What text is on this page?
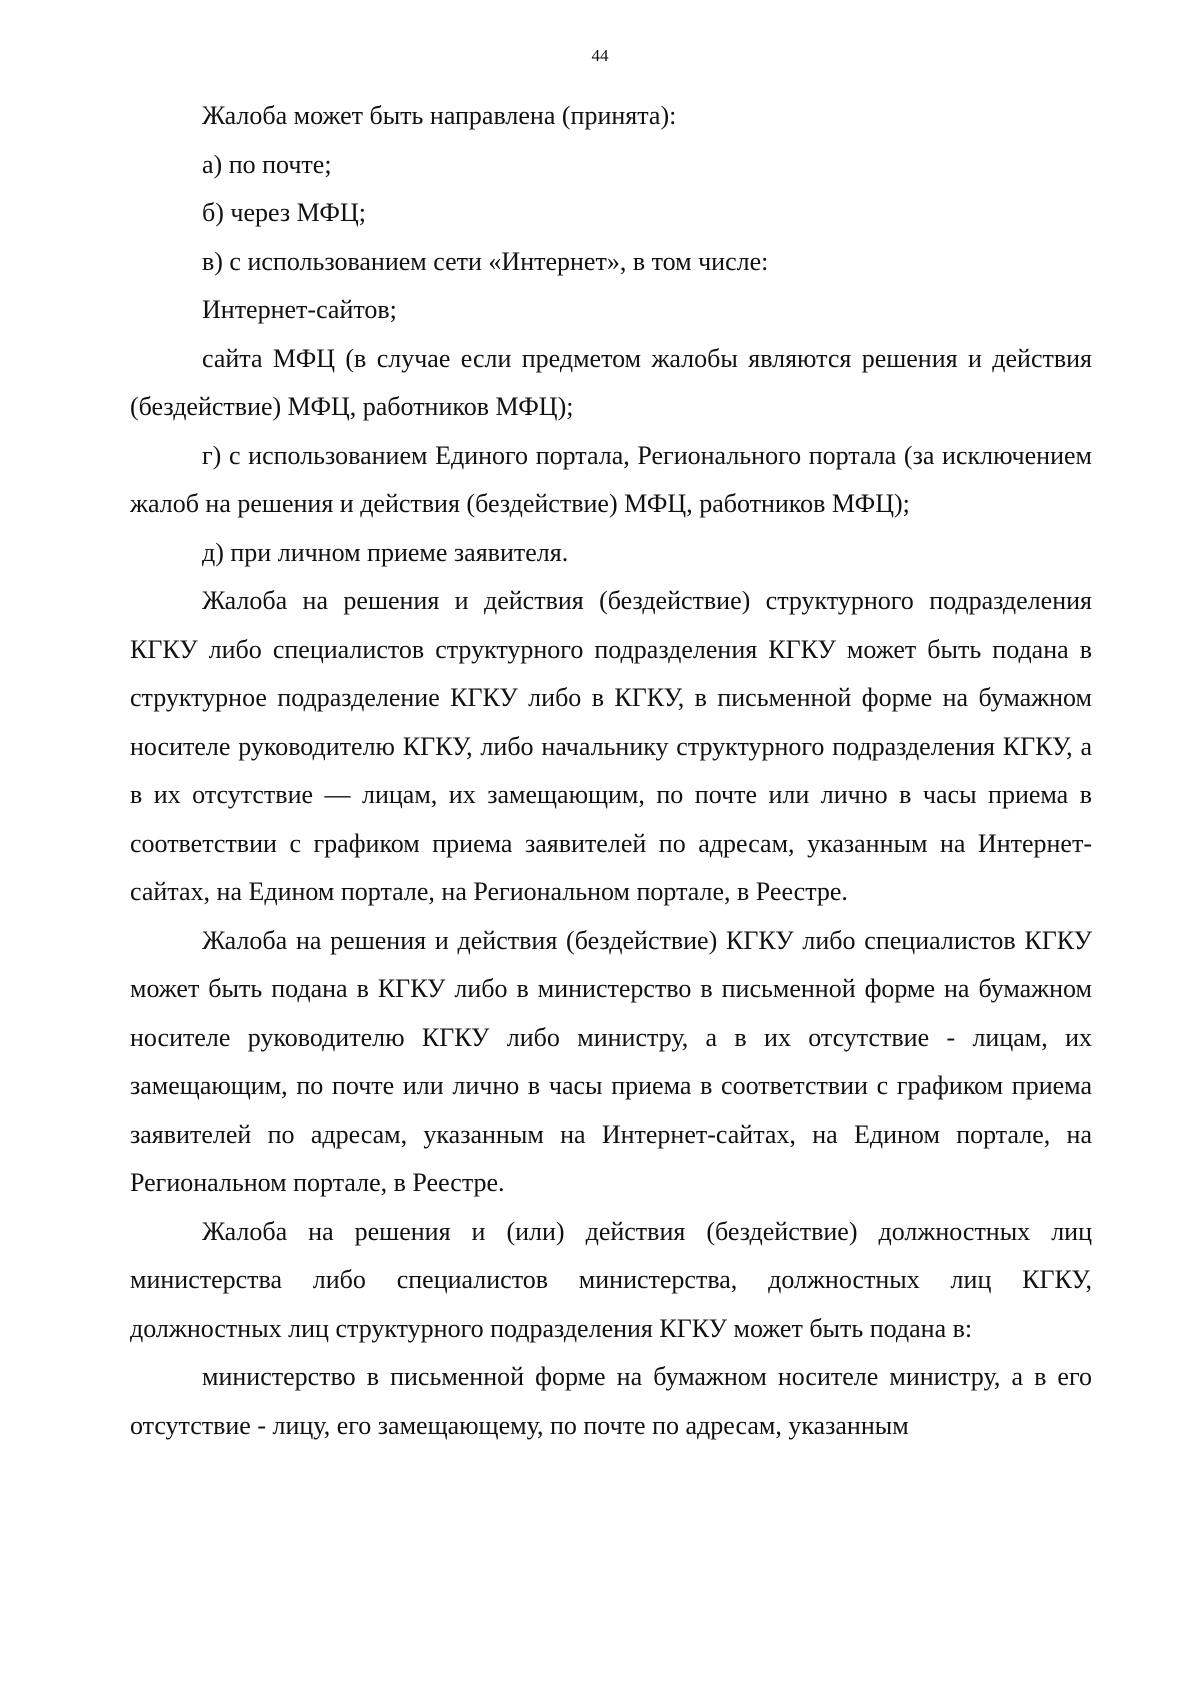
44

Жалоба может быть направлена (принята):

а) по почте;

б) через МФЦ;

в) с использованием сети «Интернет», в том числе:

Интернет-сайтов;

сайта МФЦ (в случае если предметом жалобы являются решения и действия (бездействие) МФЦ, работников МФЦ);

г) с использованием Единого портала, Регионального портала (за исключением жалоб на решения и действия (бездействие) МФЦ, работников МФЦ);

д) при личном приеме заявителя.

Жалоба на решения и действия (бездействие) структурного подразделения КГКУ либо специалистов структурного подразделения КГКУ может быть подана в структурное подразделение КГКУ либо в КГКУ, в письменной форме на бумажном носителе руководителю КГКУ, либо начальнику структурного подразделения КГКУ, а в их отсутствие — лицам, их замещающим, по почте или лично в часы приема в соответствии с графиком приема заявителей по адресам, указанным на Интернет-сайтах, на Едином портале, на Региональном портале, в Реестре.

Жалоба на решения и действия (бездействие) КГКУ либо специалистов КГКУ может быть подана в КГКУ либо в министерство в письменной форме на бумажном носителе руководителю КГКУ либо министру, а в их отсутствие - лицам, их замещающим, по почте или лично в часы приема в соответствии с графиком приема заявителей по адресам, указанным на Интернет-сайтах, на Едином портале, на Региональном портале, в Реестре.

Жалоба на решения и (или) действия (бездействие) должностных лиц министерства либо специалистов министерства, должностных лиц КГКУ, должностных лиц структурного подразделения КГКУ может быть подана в:

министерство в письменной форме на бумажном носителе министру, а в его отсутствие - лицу, его замещающему, по почте по адресам, указанным
